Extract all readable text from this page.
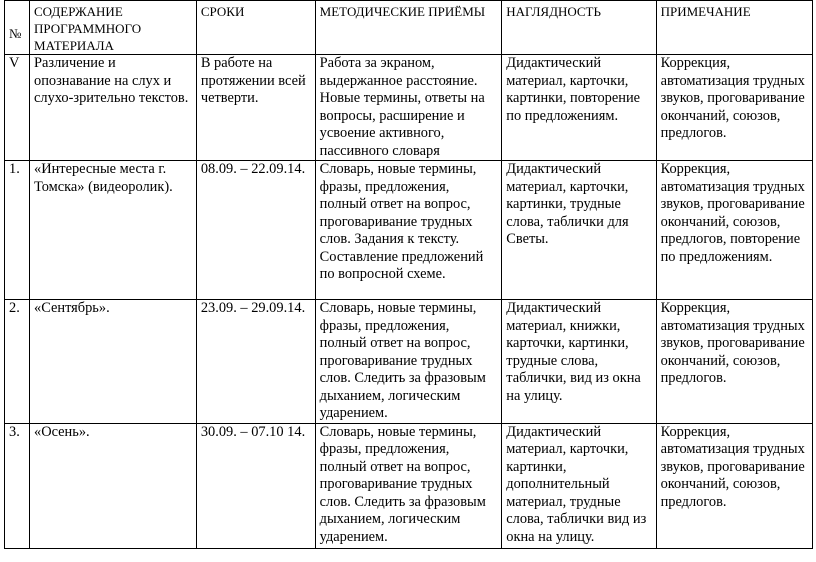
№	СОДЕРЖАНИЕ ПРОГРАММНОГО МАТЕРИАЛА	СРОКИ	МЕТОДИЧЕСКИЕ ПРИЁМЫ	НАГЛЯДНОСТЬ	ПРИМЕЧАНИЕ
V	Различение и опознавание на слух и слухо-зрительно текстов.	В работе на протяжении всей четверти.	Работа за экраном, выдержанное расстояние. Новые термины, ответы на вопросы, расширение и усвоение активного, пассивного словаря	Дидактический материал, карточки, картинки, повторение по предложениям.	Коррекция, автоматизация трудных звуков, проговаривание окончаний, союзов, предлогов.
1.	«Интересные места г. Томска» (видеоролик).	08.09. – 22.09.14.	Словарь, новые термины, фразы, предложения, полный ответ на вопрос, проговаривание трудных слов. Задания к тексту. Составление предложений по вопросной схеме.	Дидактический материал, карточки, картинки, трудные слова, таблички для Светы.	Коррекция, автоматизация трудных звуков, проговаривание окончаний, союзов, предлогов, повторение по предложениям.
2.	«Сентябрь».	23.09. – 29.09.14.	Словарь, новые термины, фразы, предложения, полный ответ на вопрос, проговаривание трудных слов. Следить за фразовым дыханием, логическим ударением.	Дидактический материал, книжки, карточки, картинки, трудные слова, таблички, вид из окна на улицу.	Коррекция, автоматизация трудных звуков, проговаривание окончаний, союзов, предлогов.
3.	«Осень».	30.09. – 07.10 14.	Словарь, новые термины, фразы, предложения, полный ответ на вопрос, проговаривание трудных слов. Следить за фразовым дыханием, логическим ударением.	Дидактический материал, карточки, картинки, дополнительный материал, трудные слова, таблички вид из окна на улицу.	Коррекция, автоматизация трудных звуков, проговаривание окончаний, союзов, предлогов.
